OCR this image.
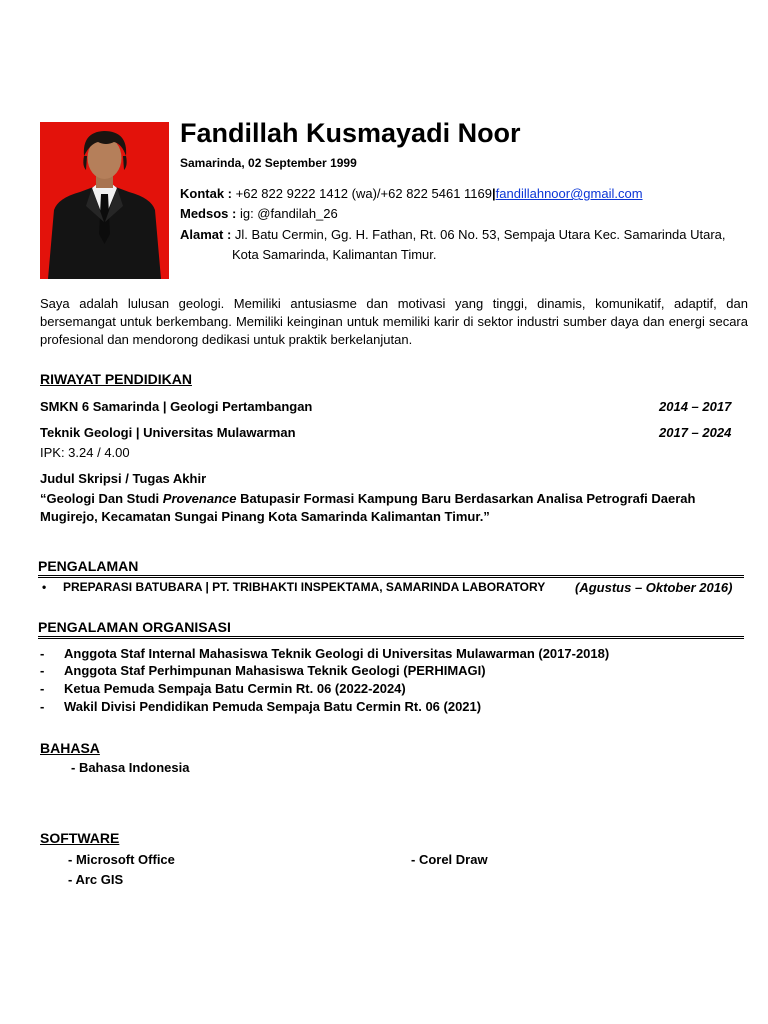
Fandillah Kusmayadi Noor
Samarinda, 02 September 1999
Kontak : +62 822 9222 1412 (wa)/+62 822 5461 1169|fandillahnoor@gmail.com
Medsos : ig: @fandilah_26
Alamat : Jl. Batu Cermin, Gg. H. Fathan, Rt. 06 No. 53, Sempaja Utara Kec. Samarinda Utara,
Kota Samarinda, Kalimantan Timur.
Saya adalah lulusan geologi. Memiliki antusiasme dan motivasi yang tinggi, dinamis, komunikatif, adaptif, dan bersemangat untuk berkembang. Memiliki keinginan untuk memiliki karir di sektor industri sumber daya dan energi secara profesional dan mendorong dedikasi untuk praktik berkelanjutan.
RIWAYAT PENDIDIKAN
SMKN 6 Samarinda | Geologi Pertambangan	2014 – 2017
Teknik Geologi | Universitas Mulawarman	2017 – 2024
IPK: 3.24 / 4.00
Judul Skripsi / Tugas Akhir
“Geologi Dan Studi Provenance Batupasir Formasi Kampung Baru Berdasarkan Analisa Petrografi Daerah Mugirejo, Kecamatan Sungai Pinang Kota Samarinda Kalimantan Timur.”
PENGALAMAN
• PREPARASI BATUBARA | PT. TRIBHAKTI INSPEKTAMA, SAMARINDA LABORATORY (Agustus – Oktober 2016)
PENGALAMAN ORGANISASI
- Anggota Staf Internal Mahasiswa Teknik Geologi di Universitas Mulawarman (2017-2018)
- Anggota Staf Perhimpunan Mahasiswa Teknik Geologi (PERHIMAGI)
- Ketua Pemuda Sempaja Batu Cermin Rt. 06 (2022-2024)
- Wakil Divisi Pendidikan Pemuda Sempaja Batu Cermin Rt. 06 (2021)
BAHASA
- Bahasa Indonesia
SOFTWARE
- Microsoft Office	- Corel Draw
- Arc GIS
